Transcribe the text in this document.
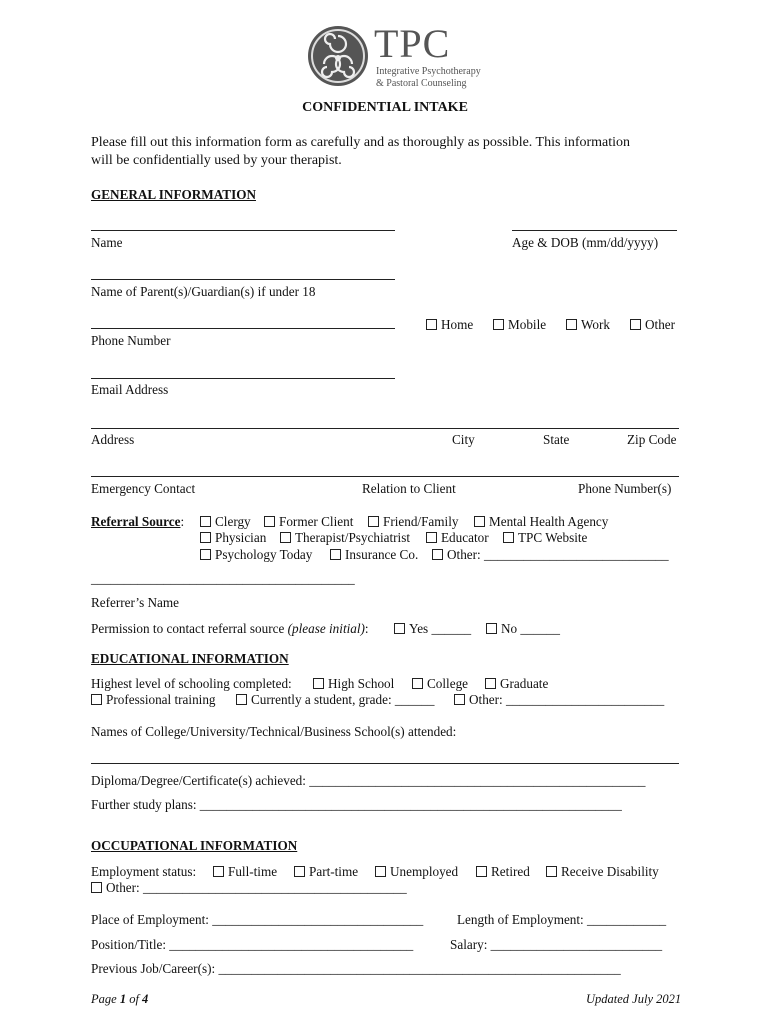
TPC
Integrative Psychotherapy
& Pastoral Counseling
CONFIDENTIAL INTAKE
Please fill out this information form as carefully and as thoroughly as possible. This information
will be confidentially used by your therapist.
GENERAL INFORMATION
Name	Age & DOB (mm/dd/yyyy)
Name of Parent(s)/Guardian(s) if under 18
Phone Number
Home	Mobile	Work	Other
Email Address
Address	City	State	Zip Code
Emergency Contact	Relation to Client	Phone Number(s)
Referral Source:	Clergy	Former Client	Friend/Family	Mental Health Agency
Physician	Therapist/Psychiatrist	Educator	TPC Website
Psychology Today	Insurance Co.	Other: ____________________________
________________________________________
Referrer’s Name
Permission to contact referral source (please initial):	Yes ______	No ______
EDUCATIONAL INFORMATION
Highest level of schooling completed:	High School	College	Graduate
Professional training	Currently a student, grade: ______	Other: ________________________
Names of College/University/Technical/Business School(s) attended:
Diploma/Degree/Certificate(s) achieved: ___________________________________________________
Further study plans: ________________________________________________________________
OCCUPATIONAL INFORMATION
Employment status:	Full-time	Part-time	Unemployed	Retired	Receive Disability
Other: ________________________________________
Place of Employment: ________________________________	Length of Employment: ____________
Position/Title: _____________________________________	Salary: __________________________
Previous Job/Career(s): _____________________________________________________________
Page 1 of 4	Updated July 2021
